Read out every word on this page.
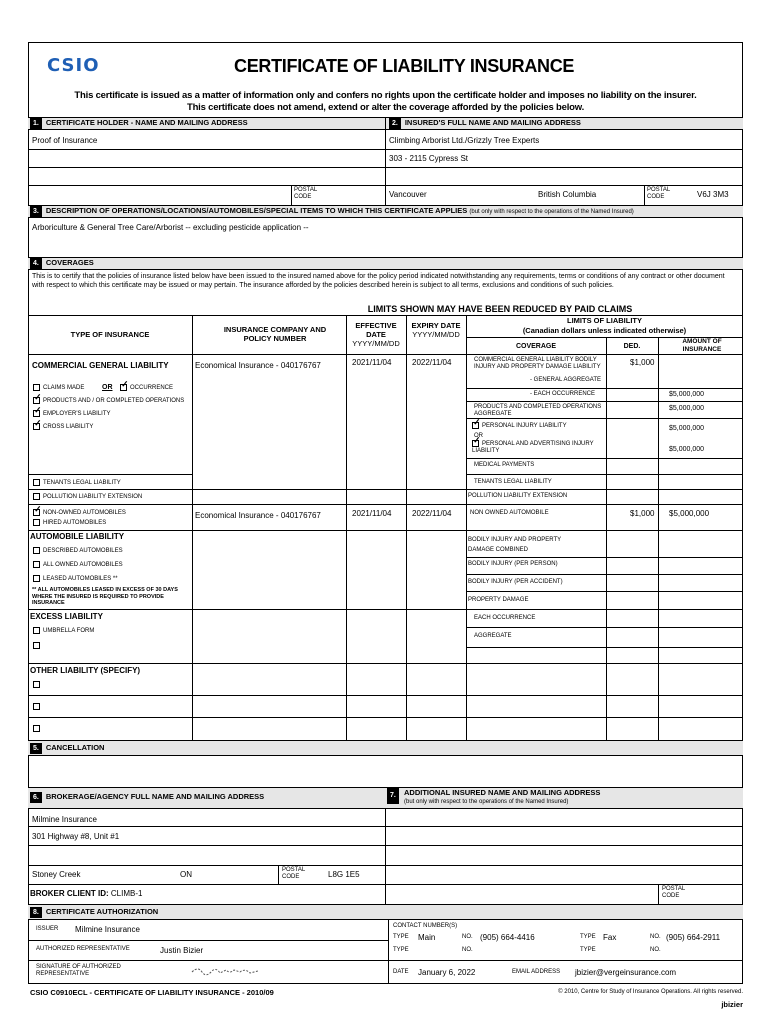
CSIO	CERTIFICATE OF LIABILITY INSURANCE
This certificate is issued as a matter of information only and confers no rights upon the certificate holder and imposes no liability on the insurer.
This certificate does not amend, extend or alter the coverage afforded by the policies below.
1. CERTIFICATE HOLDER - NAME AND MAILING ADDRESS	2. INSURED'S FULL NAME AND MAILING ADDRESS
Proof of Insurance	Climbing Arborist Ltd./Grizzly Tree Experts
303 - 2115 Cypress St
POSTAL CODE	Vancouver	British Columbia	POSTAL CODE	V6J 3M3
3. DESCRIPTION OF OPERATIONS/LOCATIONS/AUTOMOBILES/SPECIAL ITEMS TO WHICH THIS CERTIFICATE APPLIES (but only with respect to the operations of the Named Insured)
Arboriculture & General Tree Care/Arborist -- excluding pesticide application --
4. COVERAGES
This is to certify that the policies of insurance listed below have been issued to the insured named above for the policy period indicated notwithstanding any requirements, terms or conditions of any contract or other document with respect to which this certificate may be issued or may pertain. The insurance afforded by the policies described herein is subject to all terms, exclusions and conditions of such policies.
LIMITS SHOWN MAY HAVE BEEN REDUCED BY PAID CLAIMS
TYPE OF INSURANCE
INSURANCE COMPANY AND POLICY NUMBER
EFFECTIVE DATE
YYYY/MM/DD
EXPIRY DATE
YYYY/MM/DD
LIMITS OF LIABILITY
(Canadian dollars unless indicated otherwise)
COVERAGE	DED.
AMOUNT OF INSURANCE
COMMERCIAL GENERAL LIABILITY	Economical Insurance - 040176767	2021/11/04	2022/11/04	COMMERCIAL GENERAL LIABILITY BODILY INJURY AND PROPERTY DAMAGE LIABILITY	$1,000
CLAIMS MADE	OR
✓	OCCURRENCE
✓PRODUCTS AND / OR COMPLETED OPERATIONS
✓EMPLOYER'S LIABILITY
✓CROSS LIABILITY
- GENERAL AGGREGATE
- EACH OCCURRENCE	$5,000,000
PRODUCTS AND COMPLETED OPERATIONS AGGREGATE
$5,000,000
✓PERSONAL INJURY LIABILITY	$5,000,000
OR
✓PERSONAL AND ADVERTISING INJURY LIABILITY	$5,000,000
MEDICAL PAYMENTS
TENANTS LEGAL LIABILITY	TENANTS LEGAL LIABILITY
POLLUTION LIABILITY EXTENSION	POLLUTION LIABILITY EXTENSION
✓NON-OWNED AUTOMOBILES
HIRED AUTOMOBILES
Economical Insurance - 040176767	2021/11/04	2022/11/04	NON OWNED AUTOMOBILE	$1,000 $5,000,000
AUTOMOBILE LIABILITY
DESCRIBED AUTOMOBILES
ALL OWNED AUTOMOBILES
LEASED AUTOMOBILES **
** ALL AUTOMOBILES LEASED IN EXCESS OF 30 DAYS WHERE THE INSURED IS REQUIRED TO PROVIDE INSURANCE
BODILY INJURY AND PROPERTY DAMAGE COMBINED
BODILY INJURY (PER PERSON)
BODILY INJURY (PER ACCIDENT)
PROPERTY DAMAGE
EXCESS LIABILITY
UMBRELLA FORM
EACH OCCURRENCE
AGGREGATE
OTHER LIABILITY (SPECIFY)
5. CANCELLATION
6. BROKERAGE/AGENCY FULL NAME AND MAILING ADDRESS	7.	ADDITIONAL INSURED NAME AND MAILING ADDRESS
(but only with respect to the operations of the Named Insured)
Milmine Insurance
301 Highway #8, Unit #1
Stoney Creek	ON	POSTAL CODE	L8G 1E5
BROKER CLIENT ID: CLIMB-1	POSTAL CODE
8. CERTIFICATE AUTHORIZATION
ISSUER Milmine Insurance
AUTHORIZED REPRESENTATIVE	Justin Bizier
SIGNATURE OF AUTHORIZED REPRESENTATIVE
CONTACT NUMBER(S)
TYPE Main	NO. (905) 664-4416	TYPE Fax	NO. (905) 664-2911
TYPE	NO.	TYPE	NO.
DATE January 6, 2022	EMAIL ADDRESS jbizier@vergeinsurance.com
CSIO C0910ECL - CERTIFICATE OF LIABILITY INSURANCE - 2010/09	© 2010, Centre for Study of Insurance Operations. All rights reserved.
jbizier
